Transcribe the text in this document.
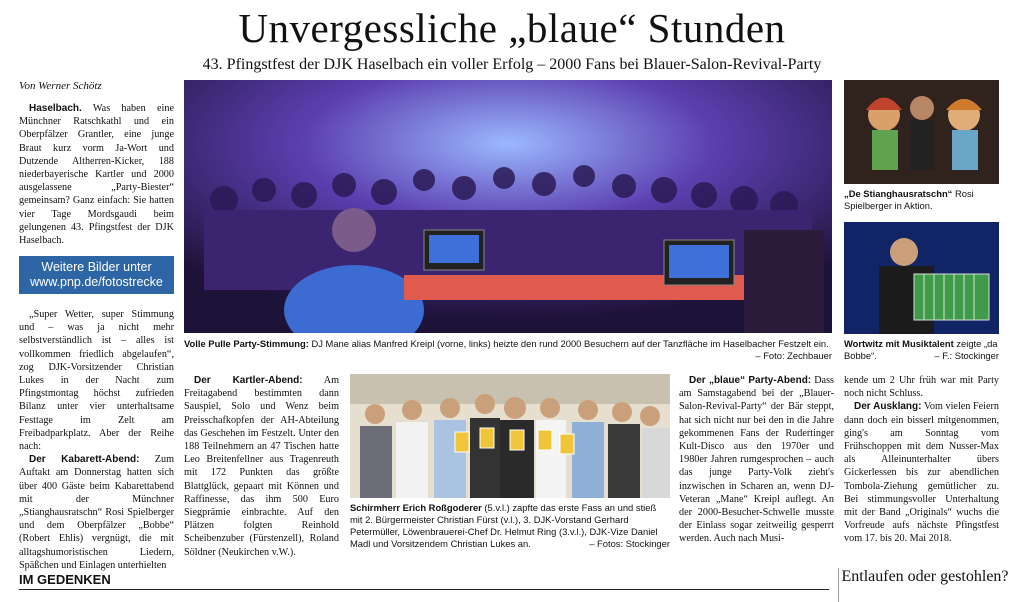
Unvergessliche „blaue“ Stunden
43. Pfingstfest der DJK Haselbach ein voller Erfolg – 2000 Fans bei Blauer-Salon-Revival-Party
Von Werner Schötz

Haselbach. Was haben eine Münchner Ratschkathl und ein Oberpfälzer Grantler, eine junge Braut kurz vorm Ja-Wort und Dutzende Altherren-Kicker, 188 niederbayerische Kartler und 2000 ausgelassene „Party-Biester“ gemeinsam? Ganz einfach: Sie hatten vier Tage Mordsgaudi beim gelungenen 43. Pfingstfest der DJK Haselbach.

Weitere Bilder unter
www.pnp.de/fotostrecke

„Super Wetter, super Stimmung und – was ja nicht mehr selbstverständlich ist – alles ist vollkommen friedlich abgelaufen“, zog DJK-Vorsitzender Christian Lukes in der Nacht zum Pfingstmontag höchst zufrieden Bilanz unter vier unterhaltsame Festtage im Zelt am Freibadparkplatz. Aber der Reihe nach:

Der Kabarett-Abend: Zum Auftakt am Donnerstag hatten sich über 400 Gäste beim Kabarettabend mit der Münchner „Stianghausratschn“ Rosi Spielberger und dem Oberpfälzer „Bobbe“ (Robert Ehlis) vergnügt, die mit alltagshumoristischen Liedern, Späßchen und Einlagen unterhielten

Volle Pulle Party-Stimmung: DJ Mane alias Manfred Kreipl (vorne, links) heizte den rund 2000 Besuchern auf der Tanzfläche im Haselbacher Festzelt ein.
– Foto: Zechbauer

Der Kartler-Abend: Am Freitagabend bestimmten dann Sauspiel, Solo und Wenz beim Preisschafkopfen der AH-Abteilung das Geschehen im Festzelt. Unter den 188 Teilnehmern an 47 Tischen hatte Leo Breitenfellner aus Tragenreuth mit 172 Punkten das größte Blattglück, gepaart mit Können und Raffinesse, das ihm 500 Euro Siegprämie einbrachte. Auf den Plätzen folgten Reinhold Scheibenzuber (Fürstenzell), Roland Söldner (Neukirchen v.W.).

Schirmherr Erich Roßgoderer (5.v.l.) zapfte das erste Fass an und stieß mit 2. Bürgermeister Christian Fürst (v.l.), 3. DJK-Vorstand Gerhard Petermüller, Löwenbrauerei-Chef Dr. Helmut Ring (3.v.l.), DJK-Vize Daniel Madl und Vorsitzendem Christian Lukes an.	– Fotos: Stockinger

Der „blaue“ Party-Abend: Dass am Samstagabend bei der „Blauer-Salon-Revival-Party“ der Bär steppt, hat sich nicht nur bei den in die Jahre gekommenen Fans der Rudertinger Kult-Disco aus den 1970er und 1980er Jahren rumgesprochen – auch das junge Party-Volk zieht's inzwischen in Scharen an, wenn DJ-Veteran „Mane“ Kreipl auflegt. An der 2000-Besucher-Schwelle musste der Einlass sogar zeitweilig gesperrt werden. Auch nach Musi-

kende um 2 Uhr früh war mit Party noch nicht Schluss.

Der Ausklang: Vom vielen Feiern dann doch ein bisserl mitgenommen, ging's am Sonntag vom Frühschoppen mit dem Nusser-Max als Alleinunterhalter übers Gickerlessen bis zur abendlichen Tombola-Ziehung gemütlicher zu. Bei stimmungsvoller Unterhaltung mit der Band „Originals“ wuchs die Vorfreude aufs nächste Pfingstfest vom 17. bis 20. Mai 2018.

„De Stianghausratschn“ Rosi Spielberger in Aktion.
Wortwitz mit Musiktalent zeigte „da Bobbe“.	– F.: Stockinger
IM GEDENKEN	Entlaufen oder gestohlen?
